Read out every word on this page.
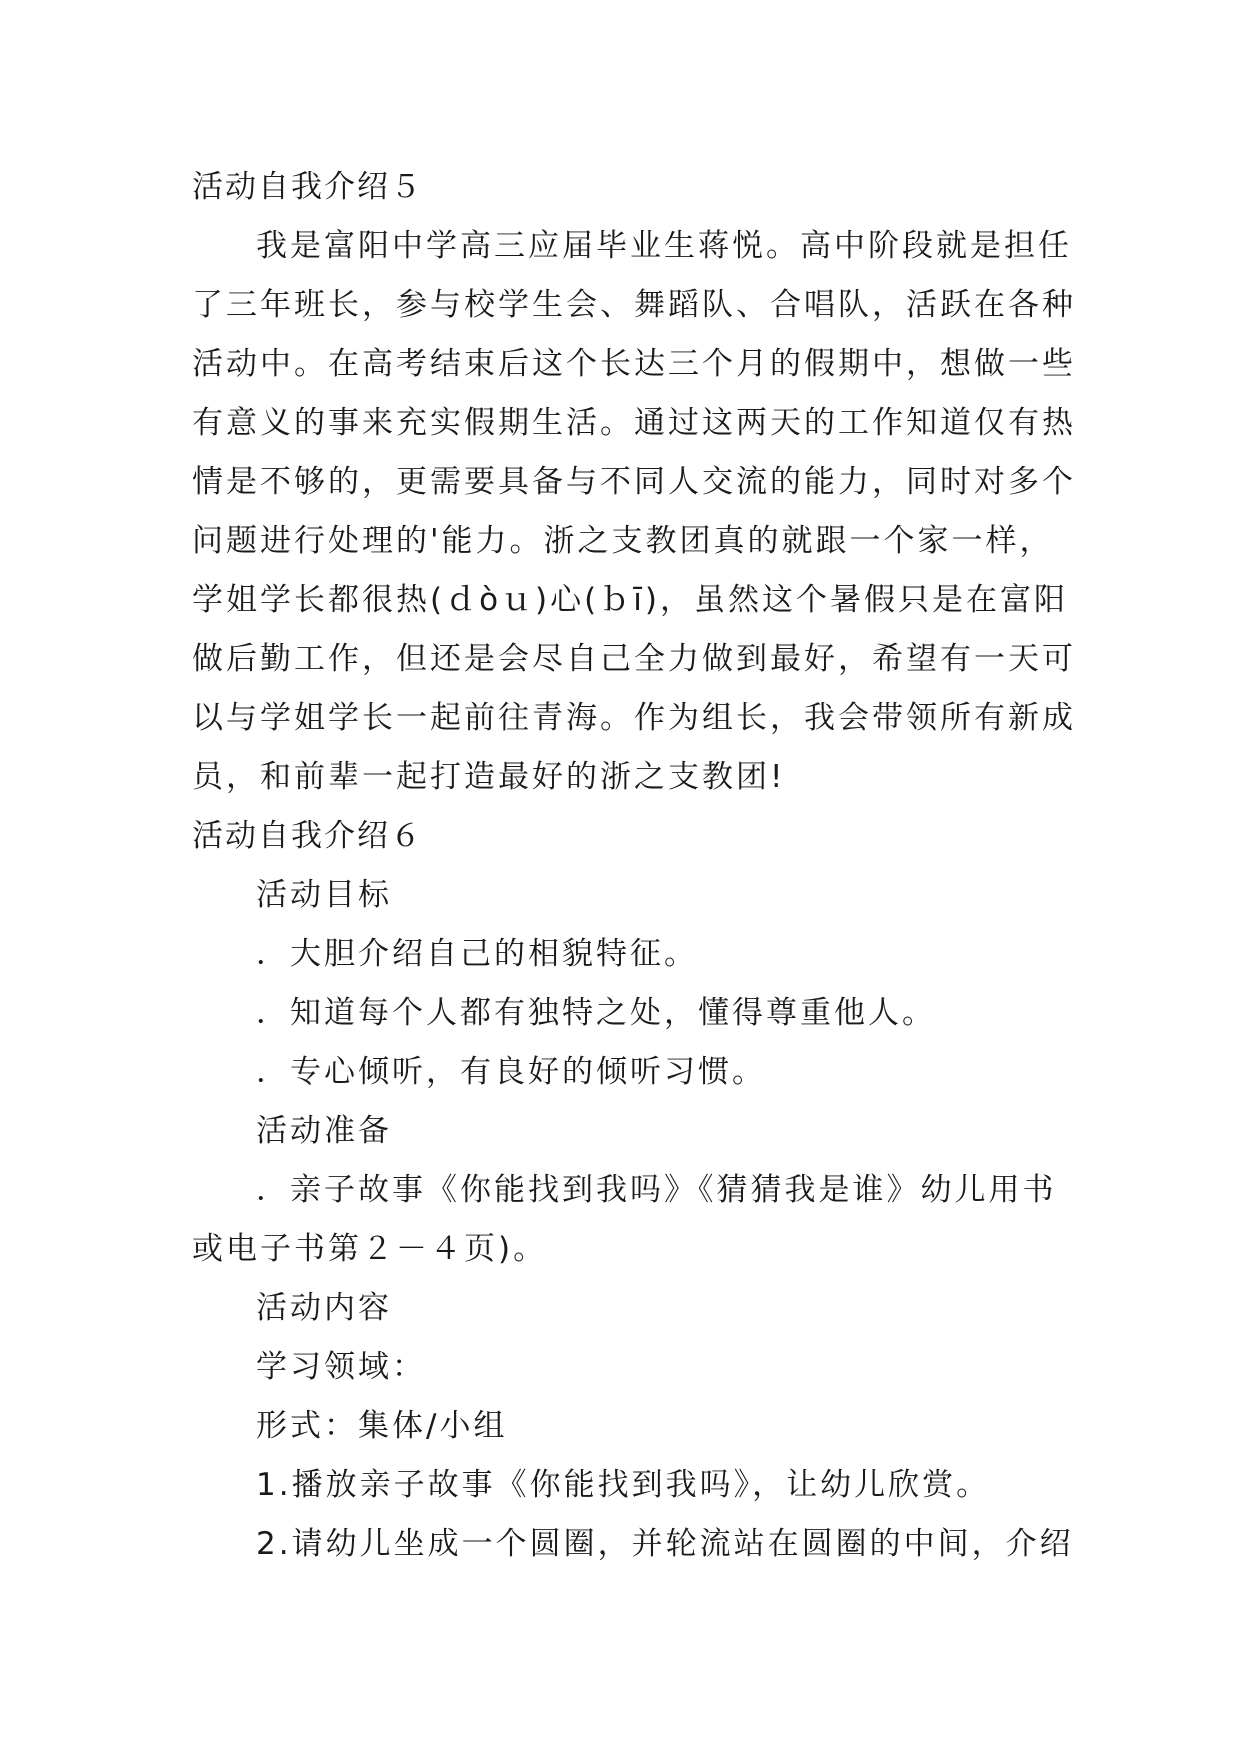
活动自我介绍５
我是富阳中学高三应届毕业生蒋悦。高中阶段就是担任
了三年班长，参与校学生会、舞蹈队、合唱队，活跃在各种
活动中。在高考结束后这个长达三个月的假期中，想做一些
有意义的事来充实假期生活。通过这两天的工作知道仅有热
情是不够的，更需要具备与不同人交流的能力，同时对多个
问题进行处理的'能力。浙之支教团真的就跟一个家一样，
学姐学长都很热(ｄòｕ)心(ｂī)，虽然这个暑假只是在富阳
做后勤工作，但还是会尽自己全力做到最好，希望有一天可
以与学姐学长一起前往青海。作为组长，我会带领所有新成
员，和前辈一起打造最好的浙之支教团!
活动自我介绍６
活动目标
．大胆介绍自己的相貌特征。
．知道每个人都有独特之处，懂得尊重他人。
．专心倾听，有良好的倾听习惯。
活动准备
．亲子故事《你能找到我吗》《猜猜我是谁》幼儿用书
或电子书第２－４页)。
活动内容
学习领域：
形式：集体/小组
1.播放亲子故事《你能找到我吗》，让幼儿欣赏。
2.请幼儿坐成一个圆圈，并轮流站在圆圈的中间，介绍
